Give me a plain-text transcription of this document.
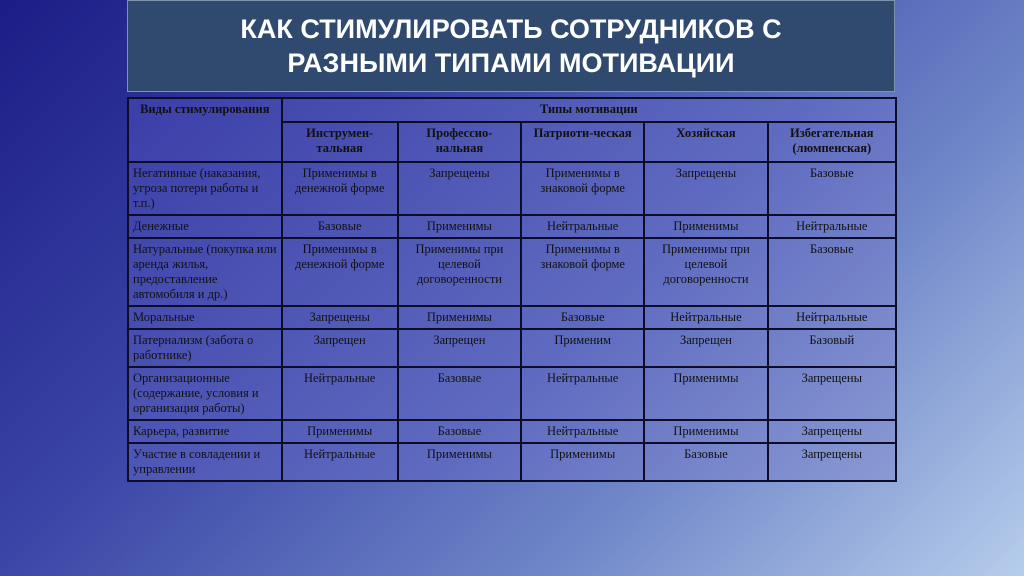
КАК СТИМУЛИРОВАТЬ СОТРУДНИКОВ С
РАЗНЫМИ ТИПАМИ МОТИВАЦИИ
Виды стимулирования	Типы мотивации				
	Инструмен-тальная	Профессио-нальная	Патриоти-ческая	Хозяйская	Избегательная (люмпенская)
Негативные (наказания, угроза потери работы и т.п.)	Применимы в денежной форме	Запрещены	Применимы в знаковой форме	Запрещены	Базовые
Денежные	Базовые	Применимы	Нейтральные	Применимы	Нейтральные
Натуральные (покупка или аренда жилья, предоставление автомобиля и др.)	Применимы в денежной форме	Применимы при целевой договоренности	Применимы в знаковой форме	Применимы при целевой договоренности	Базовые
Моральные	Запрещены	Применимы	Базовые	Нейтральные	Нейтральные
Патернализм (забота о работнике)	Запрещен	Запрещен	Применим	Запрещен	Базовый
Организационные (содержание, условия и организация работы)	Нейтральные	Базовые	Нейтральные	Применимы	Запрещены
Карьера, развитие	Применимы	Базовые	Нейтральные	Применимы	Запрещены
Участие в совладении и управлении	Нейтральные	Применимы	Применимы	Базовые	Запрещены
